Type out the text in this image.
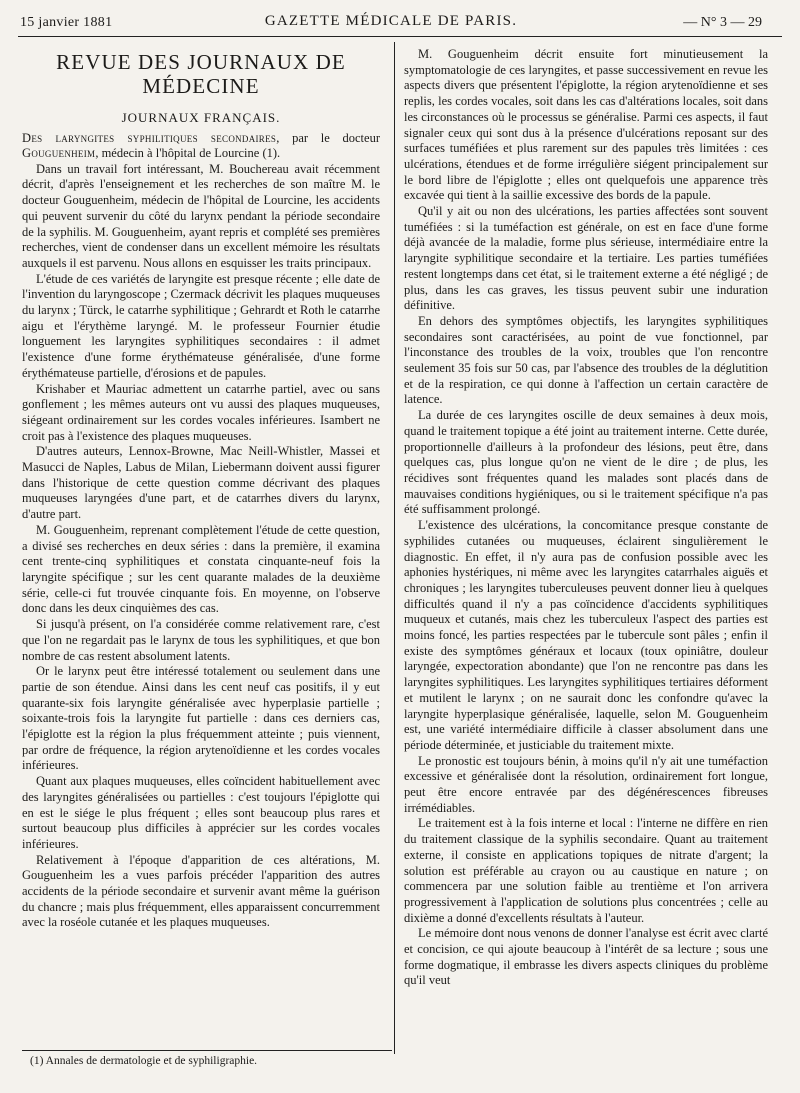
15 janvier 1881	GAZETTE MÉDICALE DE PARIS.	— N° 3 — 29
REVUE DES JOURNAUX DE MÉDECINE
JOURNAUX FRANÇAIS.

Des laryngites syphilitiques secondaires, par le docteur Gouguenheim, médecin à l'hôpital de Lourcine (1).

Dans un travail fort intéressant, M. Bouchereau avait récemment décrit, d'après l'enseignement et les recherches de son maître M. le docteur Gouguenheim, médecin de l'hôpital de Lourcine, les accidents qui peuvent survenir du côté du larynx pendant la période secondaire de la syphilis. M. Gouguenheim, ayant repris et complété ses premières recherches, vient de condenser dans un excellent mémoire les résultats auxquels il est parvenu. Nous allons en esquisser les traits principaux.

L'étude de ces variétés de laryngite est presque récente ; elle date de l'invention du laryngoscope ; Czermack décrivit les plaques muqueuses du larynx ; Türck, le catarrhe syphilitique ; Gehrardt et Roth le catarrhe aigu et l'érythème laryngé. M. le professeur Fournier étudie longuement les laryngites syphilitiques secondaires : il admet l'existence d'une forme érythémateuse généralisée, d'une forme érythémateuse partielle, d'érosions et de papules.

Krishaber et Mauriac admettent un catarrhe partiel, avec ou sans gonflement ; les mêmes auteurs ont vu aussi des plaques muqueuses, siégeant ordinairement sur les cordes vocales inférieures. Isambert ne croit pas à l'existence des plaques muqueuses.

D'autres auteurs, Lennox-Browne, Mac Neill-Whistler, Massei et Masucci de Naples, Labus de Milan, Liebermann doivent aussi figurer dans l'historique de cette question comme décrivant des plaques muqueuses laryngées d'une part, et de catarrhes divers du larynx, d'autre part.

M. Gouguenheim, reprenant complètement l'étude de cette question, a divisé ses recherches en deux séries : dans la première, il examina cent trente-cinq syphilitiques et constata cinquante-neuf fois la laryngite spécifique ; sur les cent quarante malades de la deuxième série, celle-ci fut trouvée cinquante fois. En moyenne, on l'observe donc dans les deux cinquièmes des cas.

Si jusqu'à présent, on l'a considérée comme relativement rare, c'est que l'on ne regardait pas le larynx de tous les syphilitiques, et que bon nombre de cas restent absolument latents.

Or le larynx peut être intéressé totalement ou seulement dans une partie de son étendue. Ainsi dans les cent neuf cas positifs, il y eut quarante-six fois laryngite généralisée avec hyperplasie partielle ; soixante-trois fois la laryngite fut partielle : dans ces derniers cas, l'épiglotte est la région la plus fréquemment atteinte ; puis viennent, par ordre de fréquence, la région arytenoïdienne et les cordes vocales inférieures.

Quant aux plaques muqueuses, elles coïncident habituellement avec des laryngites généralisées ou partielles : c'est toujours l'épiglotte qui en est le siége le plus fréquent ; elles sont beaucoup plus rares et surtout beaucoup plus difficiles à apprécier sur les cordes vocales inférieures.

Relativement à l'époque d'apparition de ces altérations, M. Gouguenheim les a vues parfois précéder l'apparition des autres accidents de la période secondaire et survenir avant même la guérison du chancre ; mais plus fréquemment, elles apparaissent concurremment avec la roséole cutanée et les plaques muqueuses.

M. Gouguenheim décrit ensuite fort minutieusement la symptomatologie de ces laryngites, et passe successivement en revue les aspects divers que présentent l'épiglotte, la région arytenoïdienne et ses replis, les cordes vocales, soit dans les cas d'altérations locales, soit dans les circonstances où le processus se généralise. Parmi ces aspects, il faut signaler ceux qui sont dus à la présence d'ulcérations reposant sur des surfaces tuméfiées et plus rarement sur des papules très limitées : ces ulcérations, étendues et de forme irrégulière siégent principalement sur le bord libre de l'épiglotte ; elles ont quelquefois une apparence très excavée qui tient à la saillie excessive des bords de la papule.

Qu'il y ait ou non des ulcérations, les parties affectées sont souvent tuméfiées : si la tuméfaction est générale, on est en face d'une forme déjà avancée de la maladie, forme plus sérieuse, intermédiaire entre la laryngite syphilitique secondaire et la tertiaire. Les parties tuméfiées restent longtemps dans cet état, si le traitement externe a été négligé ; de plus, dans les cas graves, les tissus peuvent subir une induration définitive.

En dehors des symptômes objectifs, les laryngites syphilitiques secondaires sont caractérisées, au point de vue fonctionnel, par l'inconstance des troubles de la voix, troubles que l'on rencontre seulement 35 fois sur 50 cas, par l'absence des troubles de la déglutition et de la respiration, ce qui donne à l'affection un certain caractère de latence.

La durée de ces laryngites oscille de deux semaines à deux mois, quand le traitement topique a été joint au traitement interne. Cette durée, proportionnelle d'ailleurs à la profondeur des lésions, peut être, dans quelques cas, plus longue qu'on ne vient de le dire ; de plus, les récidives sont fréquentes quand les malades sont placés dans de mauvaises conditions hygiéniques, ou si le traitement spécifique n'a pas été suffisamment prolongé.

L'existence des ulcérations, la concomitance presque constante de syphilides cutanées ou muqueuses, éclairent singulièrement le diagnostic. En effet, il n'y aura pas de confusion possible avec les aphonies hystériques, ni même avec les laryngites catarrhales aiguës et chroniques ; les laryngites tuberculeuses peuvent donner lieu à quelques difficultés quand il n'y a pas coïncidence d'accidents syphilitiques muqueux et cutanés, mais chez les tuberculeux l'aspect des parties est moins foncé, les parties respectées par le tubercule sont pâles ; enfin il existe des symptômes généraux et locaux (toux opiniâtre, douleur laryngée, expectoration abondante) que l'on ne rencontre pas dans les laryngites syphilitiques. Les laryngites syphilitiques tertiaires déforment et mutilent le larynx ; on ne saurait donc les confondre qu'avec la laryngite hyperplasique généralisée, laquelle, selon M. Gouguenheim est, une variété intermédiaire difficile à classer absolument dans une période déterminée, et justiciable du traitement mixte.

Le pronostic est toujours bénin, à moins qu'il n'y ait une tuméfaction excessive et généralisée dont la résolution, ordinairement fort longue, peut être encore entravée par des dégénérescences fibreuses irrémédiables.

Le traitement est à la fois interne et local : l'interne ne diffère en rien du traitement classique de la syphilis secondaire. Quant au traitement externe, il consiste en applications topiques de nitrate d'argent; la solution est préférable au crayon ou au caustique en nature ; on commencera par une solution faible au trentième et l'on arrivera progressivement à l'application de solutions plus concentrées ; celle au dixième a donné d'excellents résultats à l'auteur.

Le mémoire dont nous venons de donner l'analyse est écrit avec clarté et concision, ce qui ajoute beaucoup à l'intérêt de sa lecture ; sous une forme dogmatique, il embrasse les divers aspects cliniques du problème qu'il veut

(1) Annales de dermatologie et de syphiligraphie.
